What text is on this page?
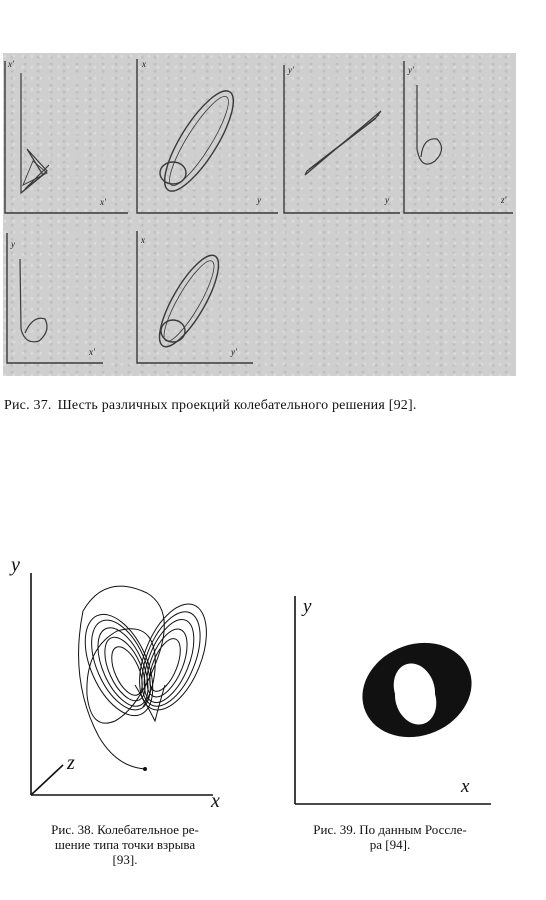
x'
x'
x
y
y'
y
y'
z'
y
x'
x
y'
Рис. 37. Шесть различных проекций колебательного решения [92].
y
z
x
Рис. 38. Колебательное ре-
шение типа точки взрыва
[93].
y
x
Рис. 39. По данным Россле-
ра [94].
